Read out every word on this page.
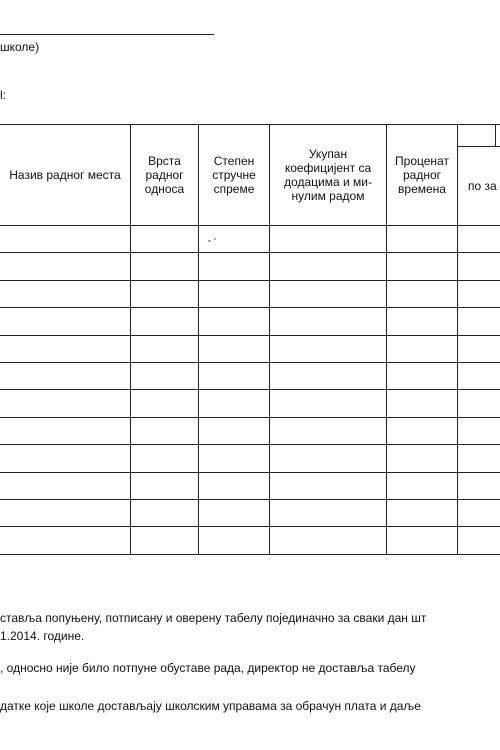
школе)
l:
Назив радног места
Врста
радног
односа
Степен
стручне
спреме
Укупан
коефицијент са
додацима и ми-
нулим радом
Проценат
радног
времена	по за
ставља попуњену, потписану и оверену табелу појединачно за сваки дан шт
1.2014. године.
, односно није било потпуне обуставе рада, директор не доставља табелу
датке које школе достављају школским управама за обрачун плата и даље
